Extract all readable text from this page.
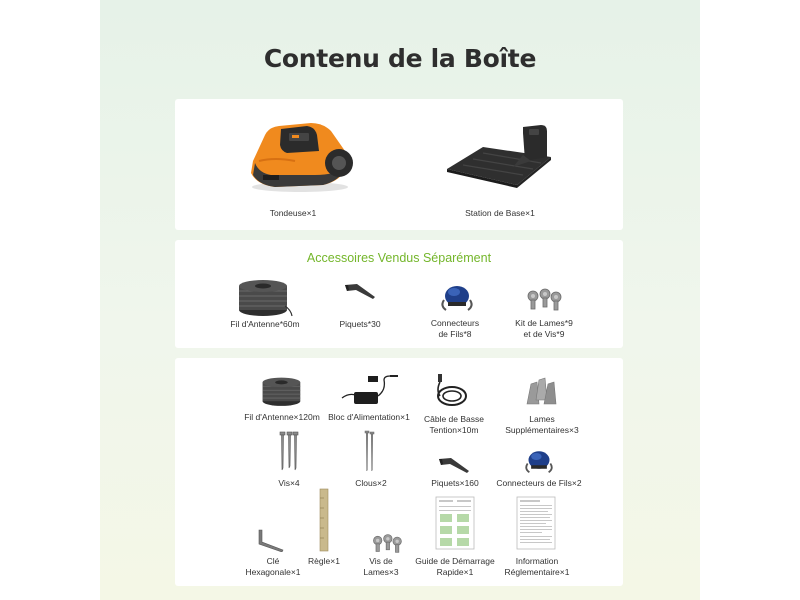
Contenu de la Boîte
Tondeuse×1	Station de Base×1
Accessoires Vendus Séparément
Fil d'Antenne*60m	Piquets*30	Connecteurs
de Fils*8
Kit de Lames*9
et de Vis*9
Fil d'Antenne×120m Bloc d'Alimentation×1	Câble de Basse
Tention×10m
Lames
Supplémentaires×3
Vis×4	Clous×2	Piquets×160	Connecteurs de Fils×2
Clé
Hexagonale×1
Règle×1	Vis de
Lames×3
Guide de Démarrage
Rapide×1
Information
Réglementaire×1
